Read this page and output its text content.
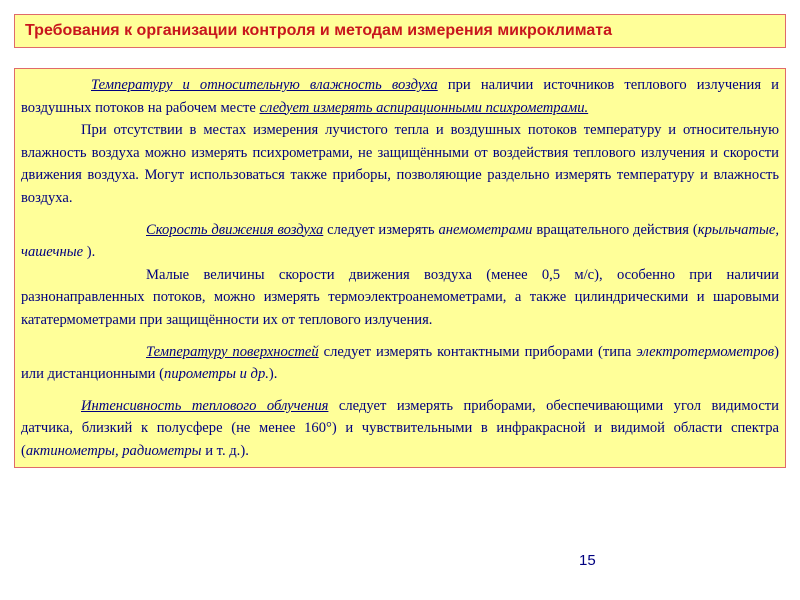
Требования к организации контроля и методам измерения микроклимата

Температуру и относительную влажность воздуха при наличии источников теплового излучения и воздушных потоков на рабочем месте следует измерять аспирационными психрометрами.

При отсутствии в местах измерения лучистого тепла и воздушных потоков температуру и относительную влажность воздуха можно измерять психрометрами, не защищёнными от воздействия теплового излучения и скорости движения воздуха. Могут использоваться также приборы, позволяющие раздельно измерять температуру и влажность воздуха.

Скорость движения воздуха следует измерять анемометрами вращательного действия (крыльчатые, чашечные ).

Малые величины скорости движения воздуха (менее 0,5 м/с), особенно при наличии разнонаправленных потоков, можно измерять термоэлектроанемометрами, а также цилиндрическими и шаровыми кататермометрами при защищённости их от теплового излучения.

Температуру поверхностей следует измерять контактными приборами (типа электротермометров) или дистанционными (пирометры и др.).

Интенсивность теплового облучения следует измерять приборами, обеспечивающими угол видимости датчика, близкий к полусфере (не менее 160°) и чувствительными в инфракрасной и видимой области спектра (актинометры, радиометры и т. д.).

15
